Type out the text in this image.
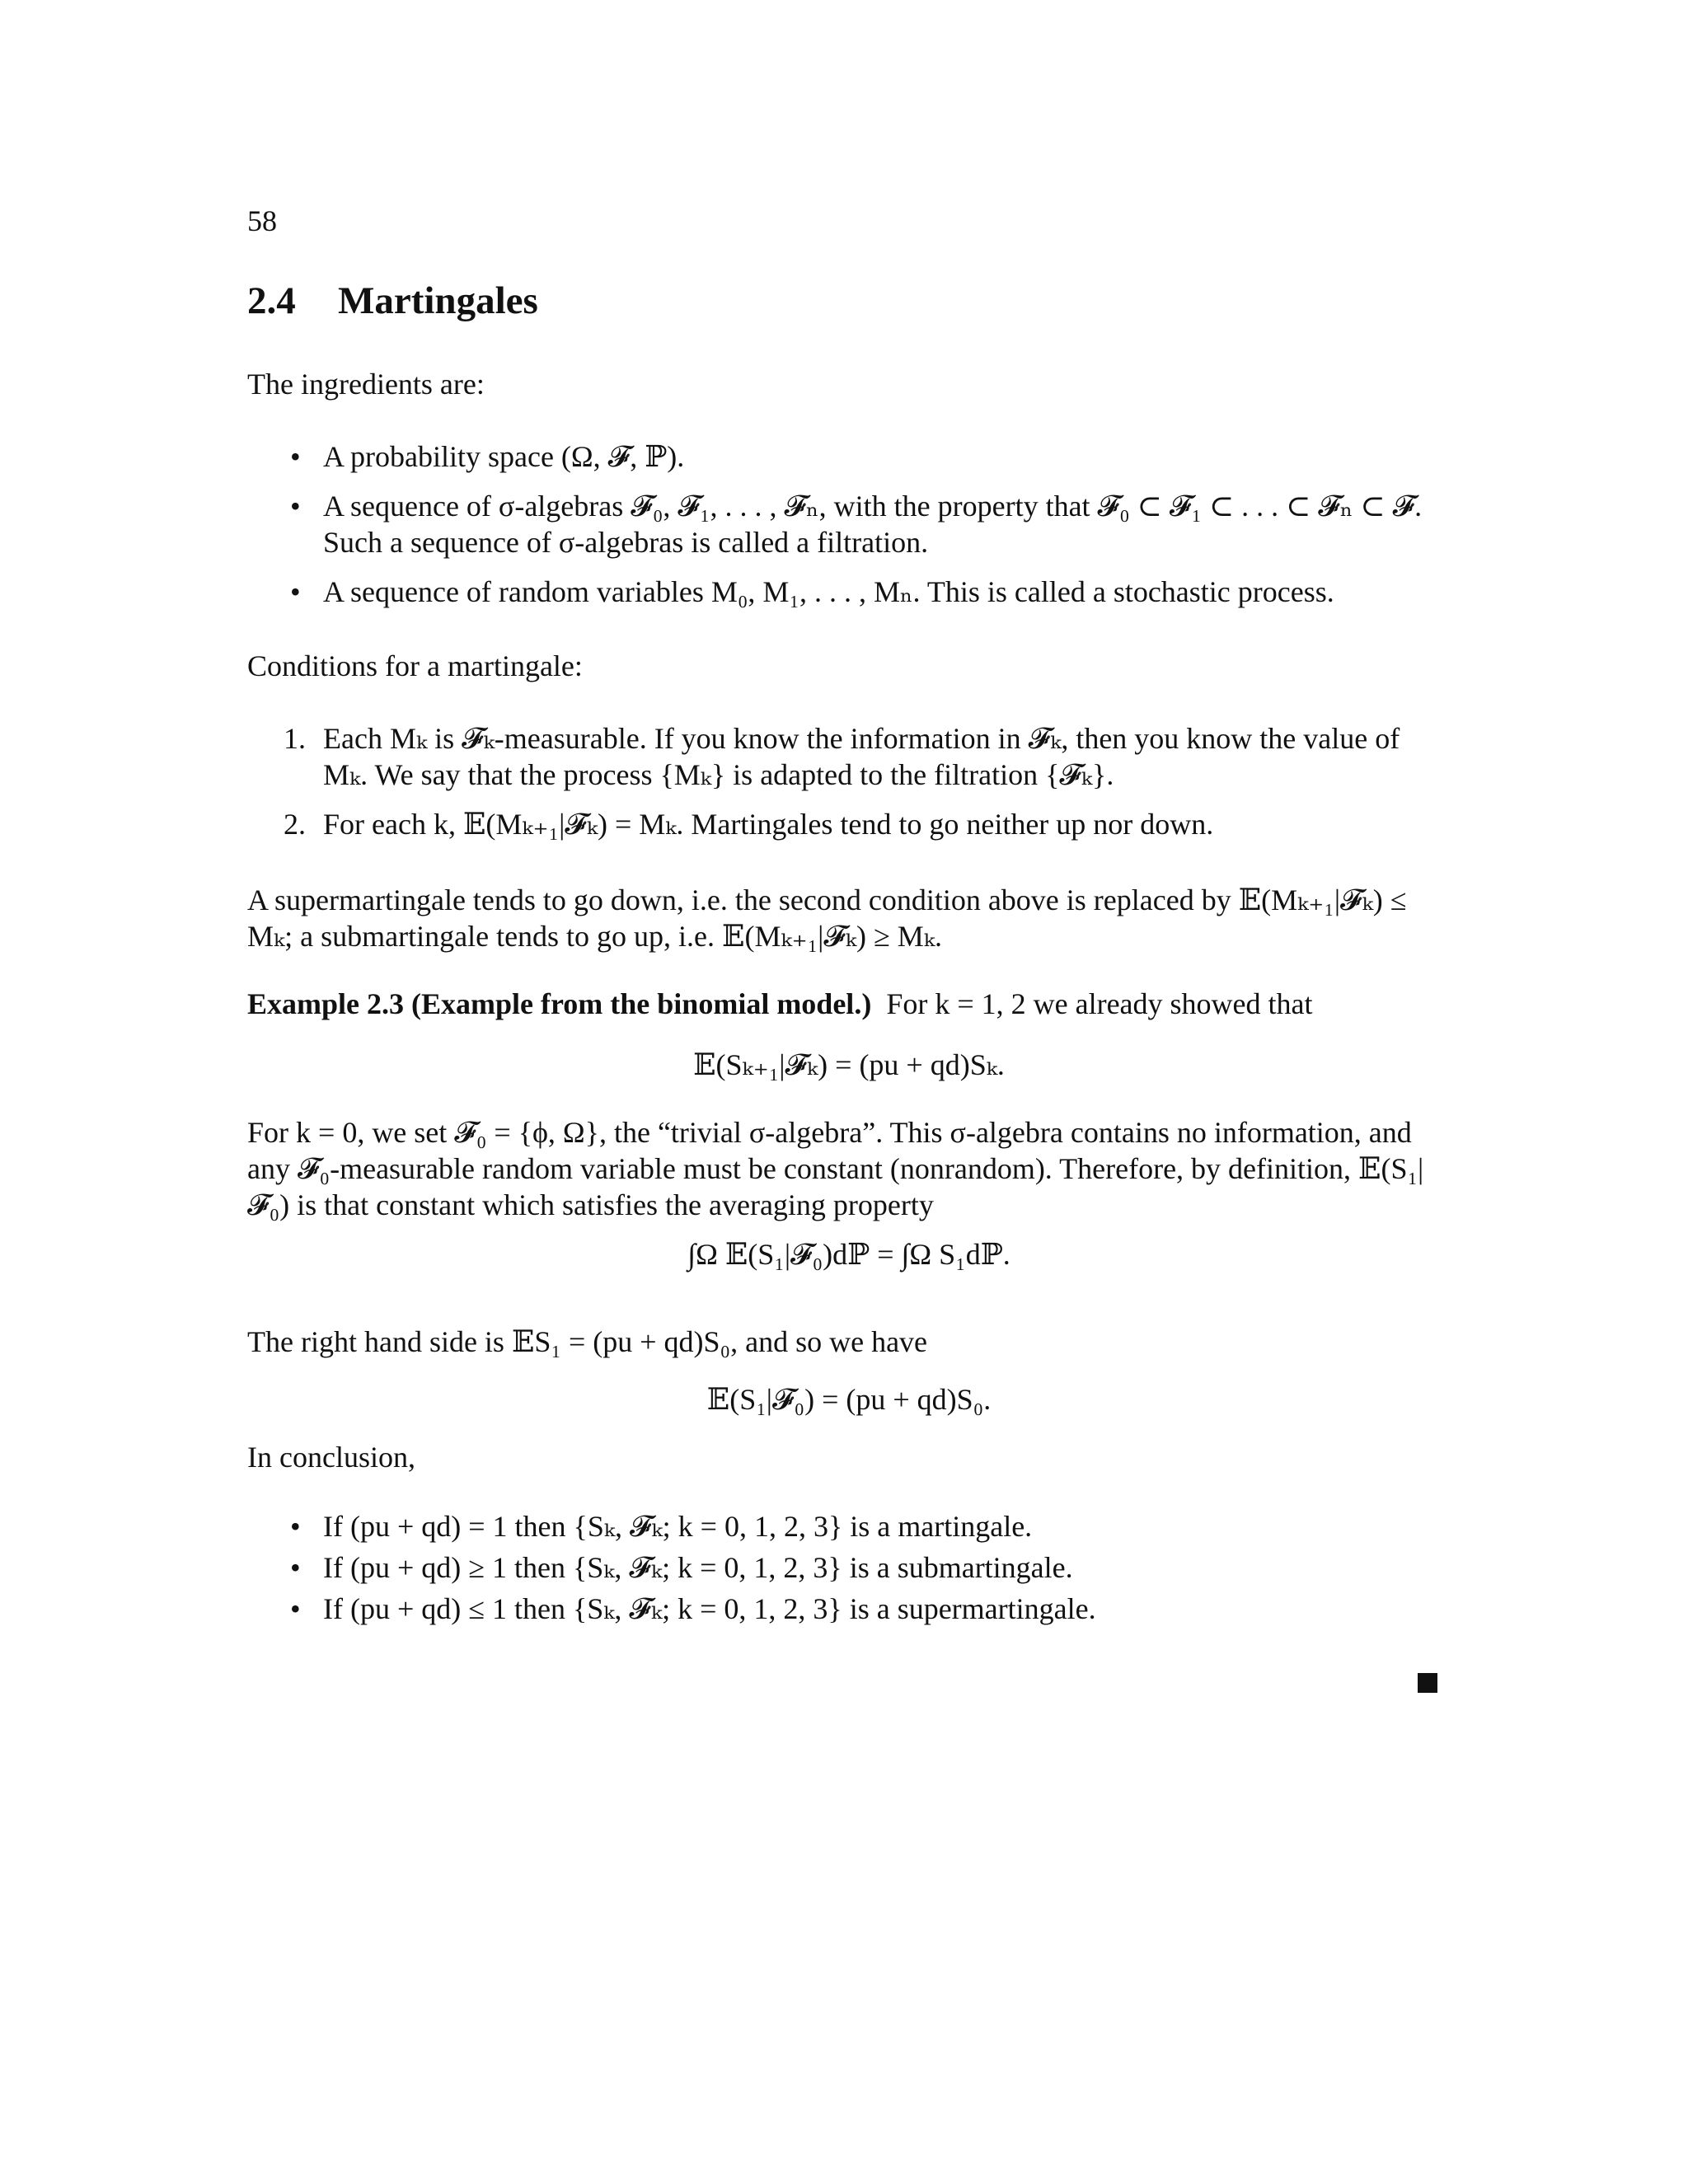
58
2.4 Martingales
The ingredients are:
• A probability space (Ω, 𝓕, ℙ).
• A sequence of σ-algebras 𝓕₀, 𝓕₁, . . . , 𝓕ₙ, with the property that 𝓕₀ ⊂ 𝓕₁ ⊂ . . . ⊂ 𝓕ₙ ⊂ 𝓕. Such a sequence of σ-algebras is called a filtration.
• A sequence of random variables M₀, M₁, . . . , Mₙ. This is called a stochastic process.
Conditions for a martingale:
1. Each Mₖ is 𝓕ₖ-measurable. If you know the information in 𝓕ₖ, then you know the value of Mₖ. We say that the process {Mₖ} is adapted to the filtration {𝓕ₖ}.
2. For each k, 𝔼(Mₖ₊₁|𝓕ₖ) = Mₖ. Martingales tend to go neither up nor down.
A supermartingale tends to go down, i.e. the second condition above is replaced by 𝔼(Mₖ₊₁|𝓕ₖ) ≤ Mₖ; a submartingale tends to go up, i.e. 𝔼(Mₖ₊₁|𝓕ₖ) ≥ Mₖ.
Example 2.3 (Example from the binomial model.) For k = 1, 2 we already showed that
𝔼(Sₖ₊₁|𝓕ₖ) = (pu + qd)Sₖ.
For k = 0, we set 𝓕₀ = {ϕ, Ω}, the “trivial σ-algebra”. This σ-algebra contains no information, and any 𝓕₀-measurable random variable must be constant (nonrandom). Therefore, by definition, 𝔼(S₁|𝓕₀) is that constant which satisfies the averaging property
∫Ω 𝔼(S₁|𝓕₀)dℙ = ∫Ω S₁dℙ.
The right hand side is 𝔼S₁ = (pu + qd)S₀, and so we have
𝔼(S₁|𝓕₀) = (pu + qd)S₀.
In conclusion,
• If (pu + qd) = 1 then {Sₖ, 𝓕ₖ; k = 0, 1, 2, 3} is a martingale.
• If (pu + qd) ≥ 1 then {Sₖ, 𝓕ₖ; k = 0, 1, 2, 3} is a submartingale.
• If (pu + qd) ≤ 1 then {Sₖ, 𝓕ₖ; k = 0, 1, 2, 3} is a supermartingale.
